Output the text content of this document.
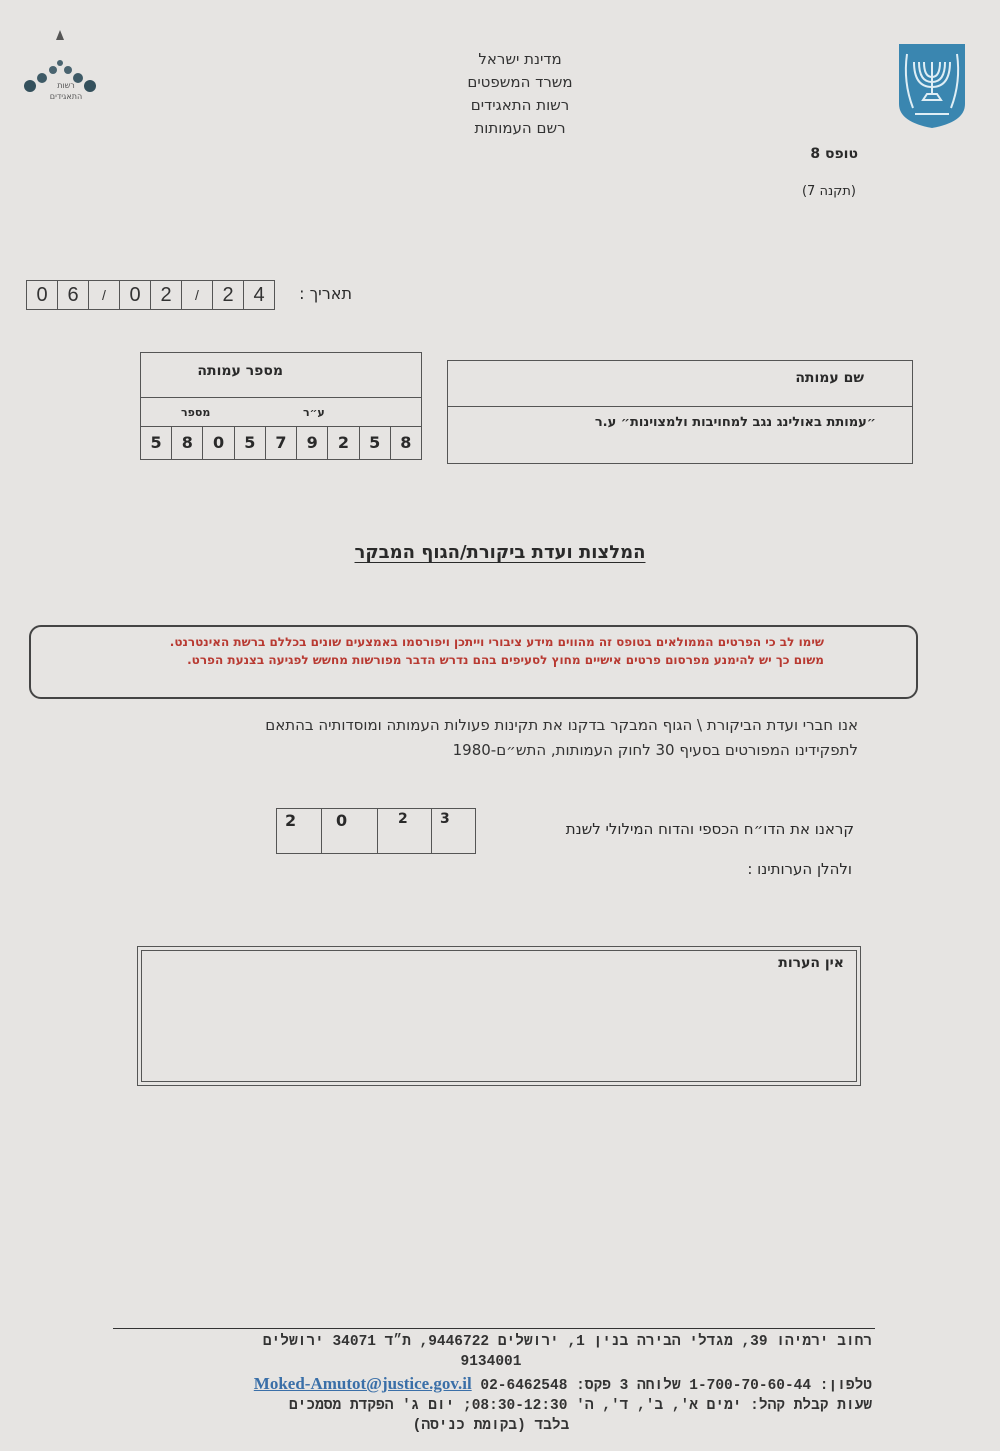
רשות
התאגידים
מדינת ישראל
משרד המשפטים
רשות התאגידים
רשם העמותות
טופס 8
(תקנה 7)
תאריך :
0 6	/	0 2	/	2 4
מספר עמותה
ע״ר
מספר
5	8	0	5	7	9	2	5	8
שם עמותה
״עמותת באולינג נגב למחויבות ולמצוינות״ ע.ר
המלצות ועדת ביקורת/הגוף המבקר
שימו לב כי הפרטים הממולאים בטופס זה מהווים מידע ציבורי וייתכן ויפורסמו באמצעים שונים בכללם ברשת האינטרנט.
משום כך יש להימנע מפרסום פרטים אישיים מחוץ לסעיפים בהם נדרש הדבר מפורשות מחשש לפגיעה בצנעת הפרט.
אנו חברי ועדת הביקורת \ הגוף המבקר בדקנו את תקינות פעולות העמותה ומוסדותיה בהתאם
לתפקידינו המפורטים בסעיף 30 לחוק העמותות, התש״ם-1980
קראנו את הדו״ח הכספי והדוח המילולי לשנת
2	0	2	3
ולהלן הערותינו :
אין הערות
רחוב ירמיהו 39, מגדלי הבירה בנין 1, ירושלים 9446722, ת״ד 34071 ירושלים
9134001
טלפון: 1-700-70-60-44 שלוחה 3 פקס: 02-6462548 Moked-Amutot@justice.gov.il
שעות קבלת קהל: ימים א', ב', ד', ה' 08:30-12:30; יום ג' הפקדת מסמכים
בלבד (בקומת כניסה)
